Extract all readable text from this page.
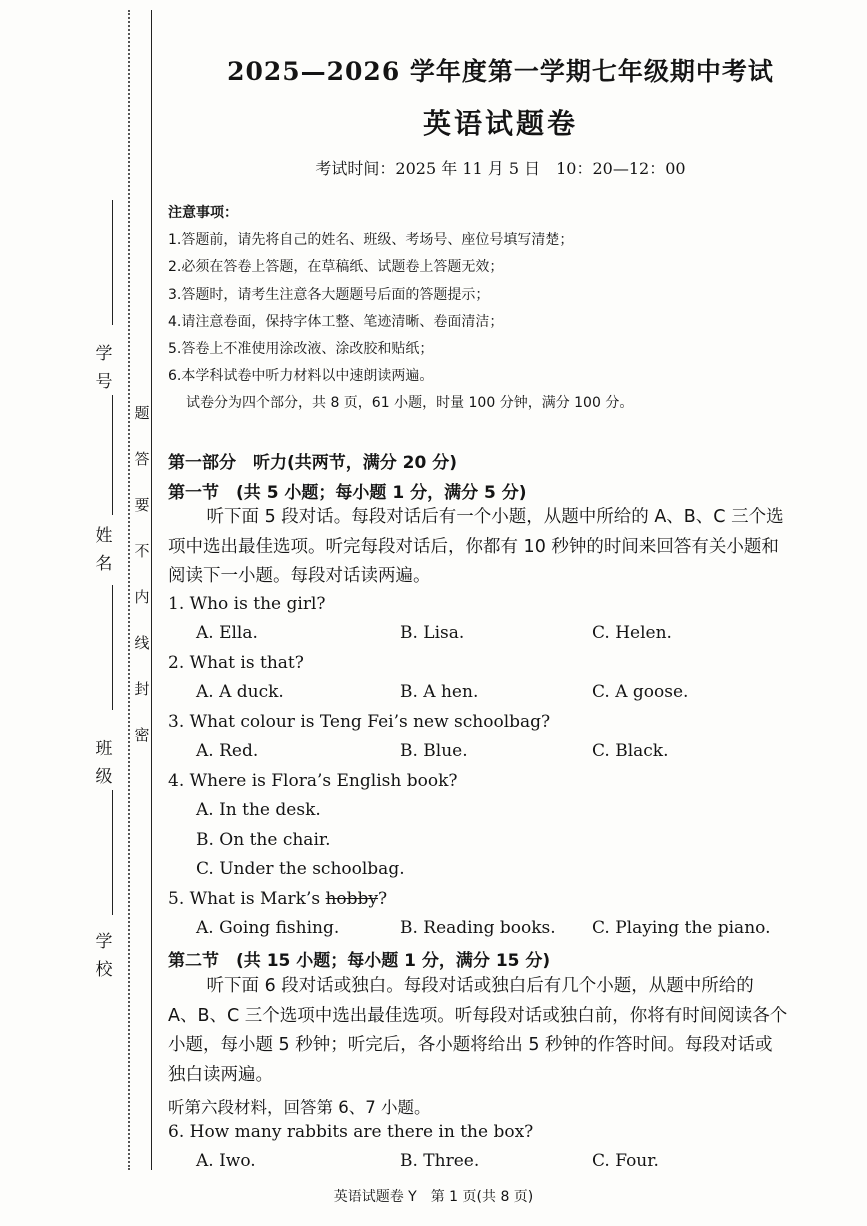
学 号
姓 名
班 级
学 校
题
答
要
不
内
线
封
密
2025—2026 学年度第一学期七年级期中考试
英语试题卷
考试时间：2025 年 11 月 5 日　10：20—12：00
注意事项：
1.答题前，请先将自己的姓名、班级、考场号、座位号填写清楚；
2.必须在答卷上答题，在草稿纸、试题卷上答题无效；
3.答题时，请考生注意各大题题号后面的答题提示；
4.请注意卷面，保持字体工整、笔迹清晰、卷面清洁；
5.答卷上不准使用涂改液、涂改胶和贴纸；
6.本学科试卷中听力材料以中速朗读两遍。
试卷分为四个部分，共 8 页，61 小题，时量 100 分钟，满分 100 分。
第一部分　听力(共两节，满分 20 分)
第一节　(共 5 小题；每小题 1 分，满分 5 分)

听下面 5 段对话。每段对话后有一个小题，从题中所给的 A、B、C 三个选项中选出最佳选项。听完每段对话后，你都有 10 秒钟的时间来回答有关小题和阅读下一小题。每段对话读两遍。

1. Who is the girl?
A. Ella.	B. Lisa.	C. Helen.
2. What is that?
A. A duck.	B. A hen.	C. A goose.
3. What colour is Teng Fei’s new schoolbag?
A. Red.	B. Blue.	C. Black.
4. Where is Flora’s English book?
A. In the desk.
B. On the chair.
C. Under the schoolbag.
5. What is Mark’s hobby?
A. Going fishing.	B. Reading books. C. Playing the piano.
第二节　(共 15 小题；每小题 1 分，满分 15 分)

听下面 6 段对话或独白。每段对话或独白后有几个小题，从题中所给的 A、B、C 三个选项中选出最佳选项。听每段对话或独白前，你将有时间阅读各个小题，每小题 5 秒钟；听完后，各小题将给出 5 秒钟的作答时间。每段对话或独白读两遍。

听第六段材料，回答第 6、7 小题。
6. How many rabbits are there in the box?
A. Iwo.	B. Three.	C. Four.
英语试题卷 Y　第 1 页(共 8 页)
